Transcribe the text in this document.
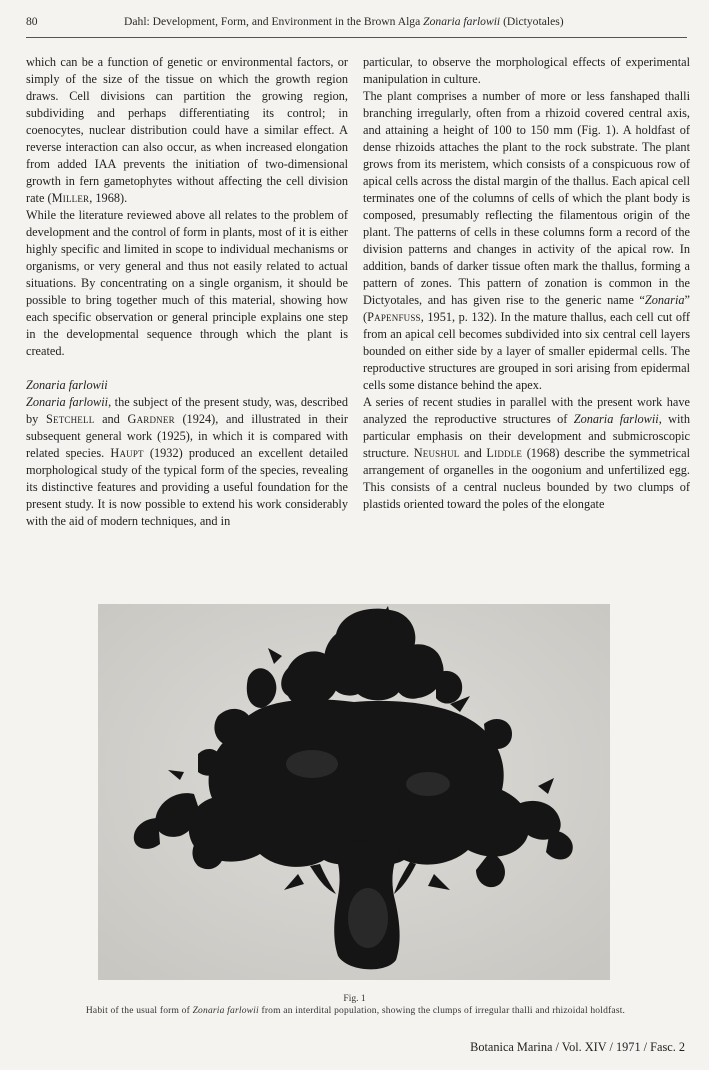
80	Dahl: Development, Form, and Environment in the Brown Alga Zonaria farlowii (Dictyotales)

which can be a function of genetic or environmental factors, or simply of the size of the tissue on which the growth region draws. Cell divisions can partition the growing region, subdividing and perhaps differentiating its control; in coenocytes, nuclear distribution could have a similar effect. A reverse interaction can also occur, as when increased elongation from added IAA prevents the initiation of two-dimensional growth in fern gametophytes without affecting the cell division rate (Miller, 1968).

While the literature reviewed above all relates to the problem of development and the control of form in plants, most of it is either highly specific and limited in scope to individual mechanisms or organisms, or very general and thus not easily related to actual situations. By concentrating on a single organism, it should be possible to bring together much of this material, showing how each specific observation or general principle explains one step in the developmental sequence through which the plant is created.

Zonaria farlowii

Zonaria farlowii, the subject of the present study, was, described by Setchell and Gardner (1924), and illustrated in their subsequent general work (1925), in which it is compared with related species. Haupt (1932) produced an excellent detailed morphological study of the typical form of the species, revealing its distinctive features and providing a useful foundation for the present study. It is now possible to extend his work considerably with the aid of modern techniques, and in

particular, to observe the morphological effects of experimental manipulation in culture.

The plant comprises a number of more or less fanshaped thalli branching irregularly, often from a rhizoid covered central axis, and attaining a height of 100 to 150 mm (Fig. 1). A holdfast of dense rhizoids attaches the plant to the rock substrate. The plant grows from its meristem, which consists of a conspicuous row of apical cells across the distal margin of the thallus. Each apical cell terminates one of the columns of cells of which the plant body is composed, presumably reflecting the filamentous origin of the plant. The patterns of cells in these columns form a record of the division patterns and changes in activity of the apical row. In addition, bands of darker tissue often mark the thallus, forming a pattern of zones. This pattern of zonation is common in the Dictyotales, and has given rise to the generic name “Zonaria” (Papenfuss, 1951, p. 132). In the mature thallus, each cell cut off from an apical cell becomes subdivided into six central cell layers bounded on either side by a layer of smaller epidermal cells. The reproductive structures are grouped in sori arising from epidermal cells some distance behind the apex.

A series of recent studies in parallel with the present work have analyzed the reproductive structures of Zonaria farlowii, with particular emphasis on their development and submicroscopic structure. Neushul and Liddle (1968) describe the symmetrical arrangement of organelles in the oogonium and unfertilized egg. This consists of a central nucleus bounded by two clumps of plastids oriented toward the poles of the elongate

Fig. 1
Habit of the usual form of Zonaria farlowii from an interdital population, showing the clumps of irregular thalli and rhizoidal holdfast.
Botanica Marina / Vol. XIV / 1971 / Fasc. 2
